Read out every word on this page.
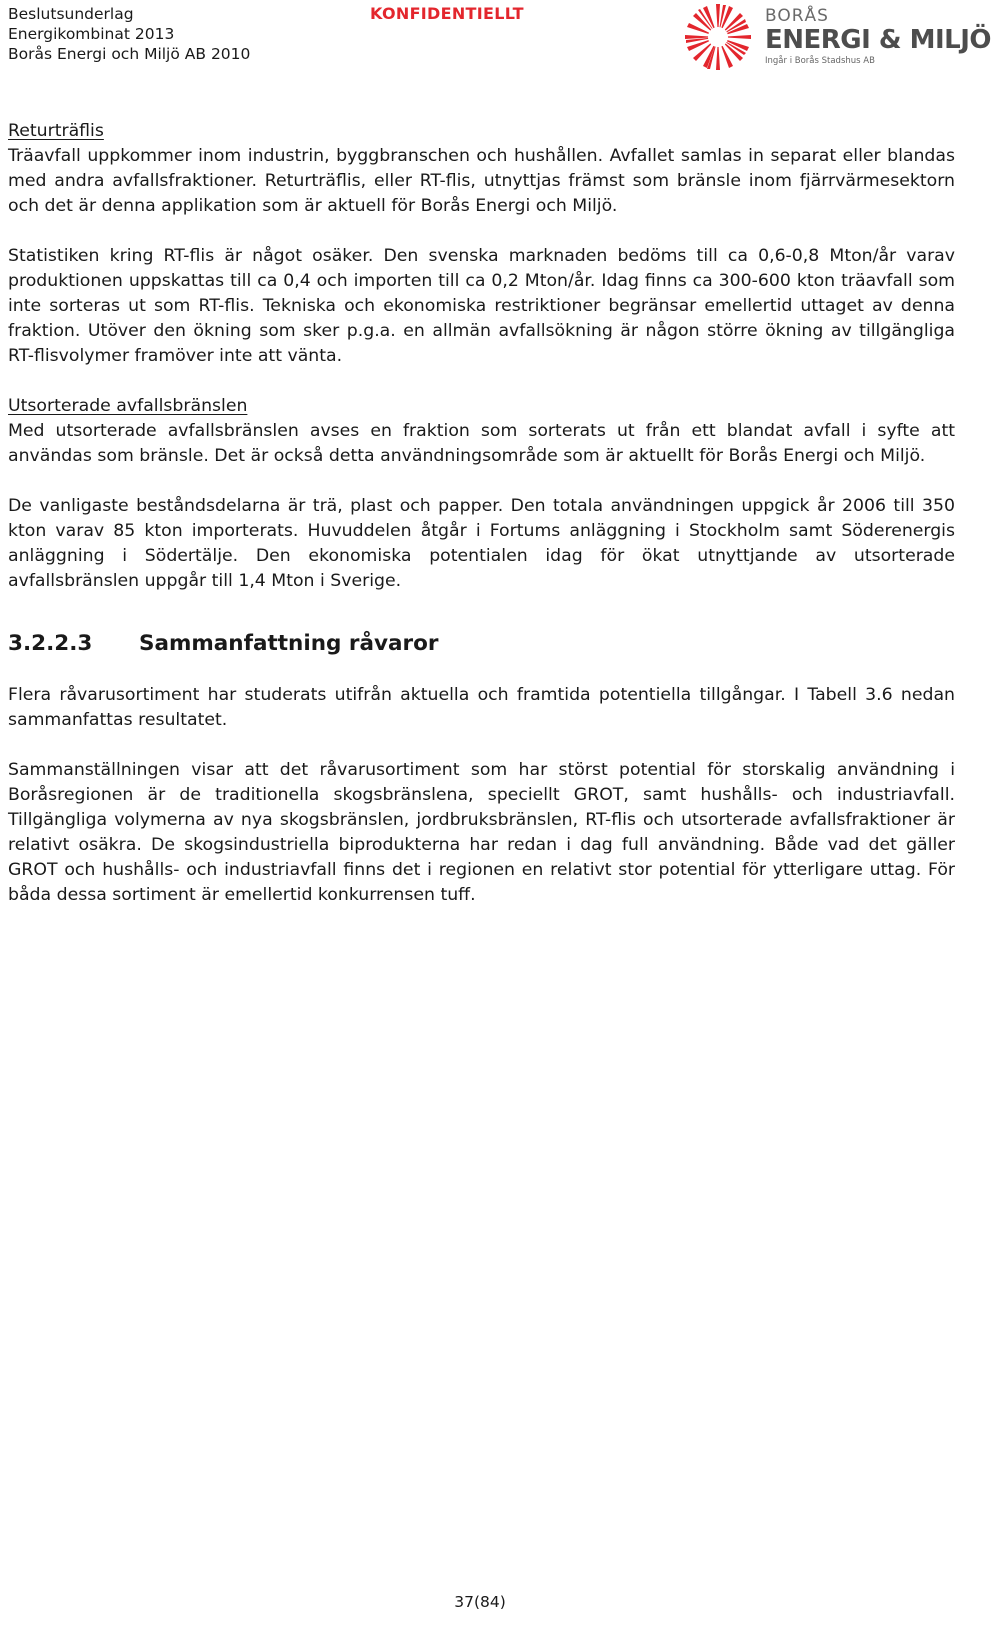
Beslutsunderlag
Energikombinat 2013
Borås Energi och Miljö AB 2010
KONFIDENTIELLT	BORÅS
ENERGI & MILJÖ
Ingår i Borås Stadshus AB

Returträflis

Träavfall uppkommer inom industrin, byggbranschen och hushållen. Avfallet samlas in separat eller blandas med andra avfallsfraktioner. Returträflis, eller RT-flis, utnyttjas främst som bränsle inom fjärrvärmesektorn och det är denna applikation som är aktuell för Borås Energi och Miljö.

Statistiken kring RT-flis är något osäker. Den svenska marknaden bedöms till ca 0,6-0,8 Mton/år varav produktionen uppskattas till ca 0,4 och importen till ca 0,2 Mton/år. Idag finns ca 300-600 kton träavfall som inte sorteras ut som RT-flis. Tekniska och ekonomiska restriktioner begränsar emellertid uttaget av denna fraktion. Utöver den ökning som sker p.g.a. en allmän avfallsökning är någon större ökning av tillgängliga RT-flisvolymer framöver inte att vänta.

Utsorterade avfallsbränslen

Med utsorterade avfallsbränslen avses en fraktion som sorterats ut från ett blandat avfall i syfte att användas som bränsle. Det är också detta användningsområde som är aktuellt för Borås Energi och Miljö.

De vanligaste beståndsdelarna är trä, plast och papper. Den totala användningen uppgick år 2006 till 350 kton varav 85 kton importerats. Huvuddelen åtgår i Fortums anläggning i Stockholm samt Söderenergis anläggning i Södertälje. Den ekonomiska potentialen idag för ökat utnyttjande av utsorterade avfallsbränslen uppgår till 1,4 Mton i Sverige.

3.2.2.3 Sammanfattning råvaror

Flera råvarusortiment har studerats utifrån aktuella och framtida potentiella tillgångar. I Tabell 3.6 nedan sammanfattas resultatet.

Sammanställningen visar att det råvarusortiment som har störst potential för storskalig användning i Boråsregionen är de traditionella skogsbränslena, speciellt GROT, samt hushålls- och industriavfall. Tillgängliga volymerna av nya skogsbränslen, jordbruksbränslen, RT-flis och utsorterade avfallsfraktioner är relativt osäkra. De skogsindustriella biprodukterna har redan i dag full användning. Både vad det gäller GROT och hushålls- och industriavfall finns det i regionen en relativt stor potential för ytterligare uttag. För båda dessa sortiment är emellertid konkurrensen tuff.

37(84)
